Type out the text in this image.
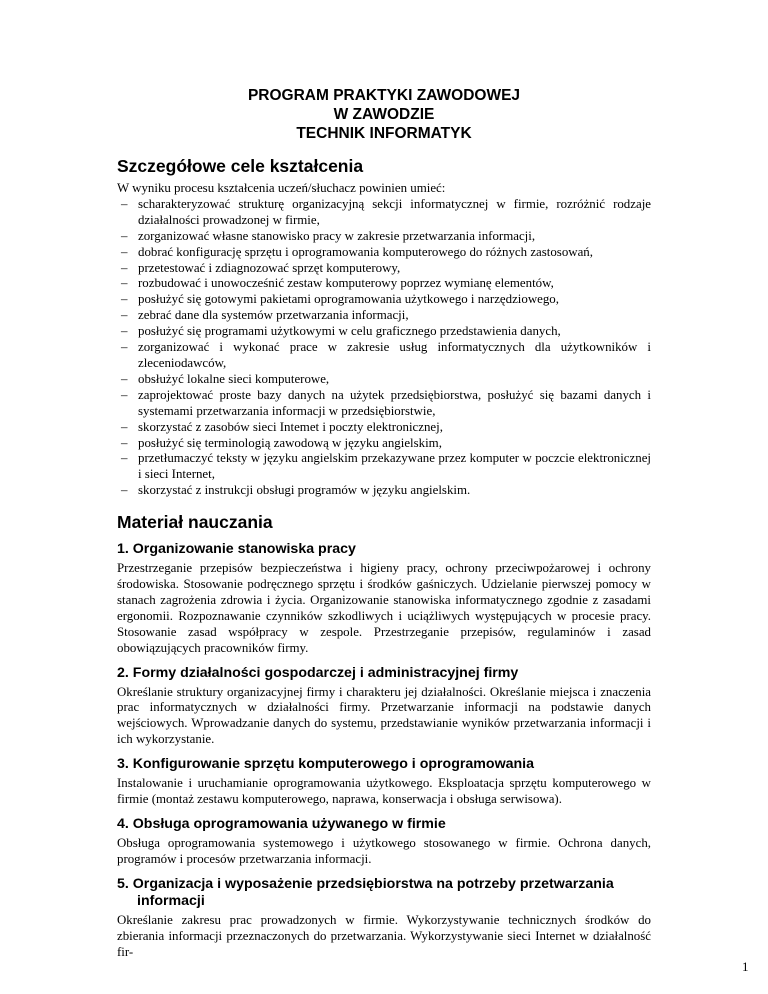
PROGRAM PRAKTYKI ZAWODOWEJ

W ZAWODZIE

TECHNIK INFORMATYK

Szczegółowe cele kształcenia

W wyniku procesu kształcenia uczeń/słuchacz powinien umieć:

– scharakteryzować strukturę organizacyjną sekcji informatycznej w firmie, rozróżnić rodzaje działalności prowadzonej w firmie,
– zorganizować własne stanowisko pracy w zakresie przetwarzania informacji,
– dobrać konfigurację sprzętu i oprogramowania komputerowego do różnych zastosowań,
– przetestować i zdiagnozować sprzęt komputerowy,
– rozbudować i unowocześnić zestaw komputerowy poprzez wymianę elementów,
– posłużyć się gotowymi pakietami oprogramowania użytkowego i narzędziowego,
– zebrać dane dla systemów przetwarzania informacji,
– posłużyć się programami użytkowymi w celu graficznego przedstawienia danych,
– zorganizować i wykonać prace w zakresie usług informatycznych dla użytkowników i zleceniodawców,
– obsłużyć lokalne sieci komputerowe,
– zaprojektować proste bazy danych na użytek przedsiębiorstwa, posłużyć się bazami danych i systemami przetwarzania informacji w przedsiębiorstwie,
– skorzystać z zasobów sieci Intemet i poczty elektronicznej,
– posłużyć się terminologią zawodową w języku angielskim,
– przetłumaczyć teksty w języku angielskim przekazywane przez komputer w poczcie elektronicznej i sieci Internet,
– skorzystać z instrukcji obsługi programów w języku angielskim.
Materiał nauczania
1. Organizowanie stanowiska pracy

Przestrzeganie przepisów bezpieczeństwa i higieny pracy, ochrony przeciwpożarowej i ochrony środowiska. Stosowanie podręcznego sprzętu i środków gaśniczych. Udzielanie pierwszej pomocy w stanach zagrożenia zdrowia i życia. Organizowanie stanowiska informatycznego zgodnie z zasadami ergonomii. Rozpoznawanie czynników szkodliwych i uciążliwych występujących w procesie pracy. Stosowanie zasad współpracy w zespole. Przestrzeganie przepisów, regulaminów i zasad obowiązujących pracowników firmy.

2. Formy działalności gospodarczej i administracyjnej firmy

Określanie struktury organizacyjnej firmy i charakteru jej działalności. Określanie miejsca i znaczenia prac informatycznych w działalności firmy. Przetwarzanie informacji na podstawie danych wejściowych. Wprowadzanie danych do systemu, przedstawianie wyników przetwarzania informacji i ich wykorzystanie.

3. Konfigurowanie sprzętu komputerowego i oprogramowania

Instalowanie i uruchamianie oprogramowania użytkowego. Eksploatacja sprzętu komputerowego w firmie (montaż zestawu komputerowego, naprawa, konserwacja i obsługa serwisowa).

4. Obsługa oprogramowania używanego w firmie

Obsługa oprogramowania systemowego i użytkowego stosowanego w firmie. Ochrona danych, programów i procesów przetwarzania informacji.

5. Organizacja i wyposażenie przedsiębiorstwa na potrzeby przetwarzania informacji

Określanie zakresu prac prowadzonych w firmie. Wykorzystywanie technicznych środków do zbierania informacji przeznaczonych do przetwarzania. Wykorzystywanie sieci Internet w działalność fir-

1
